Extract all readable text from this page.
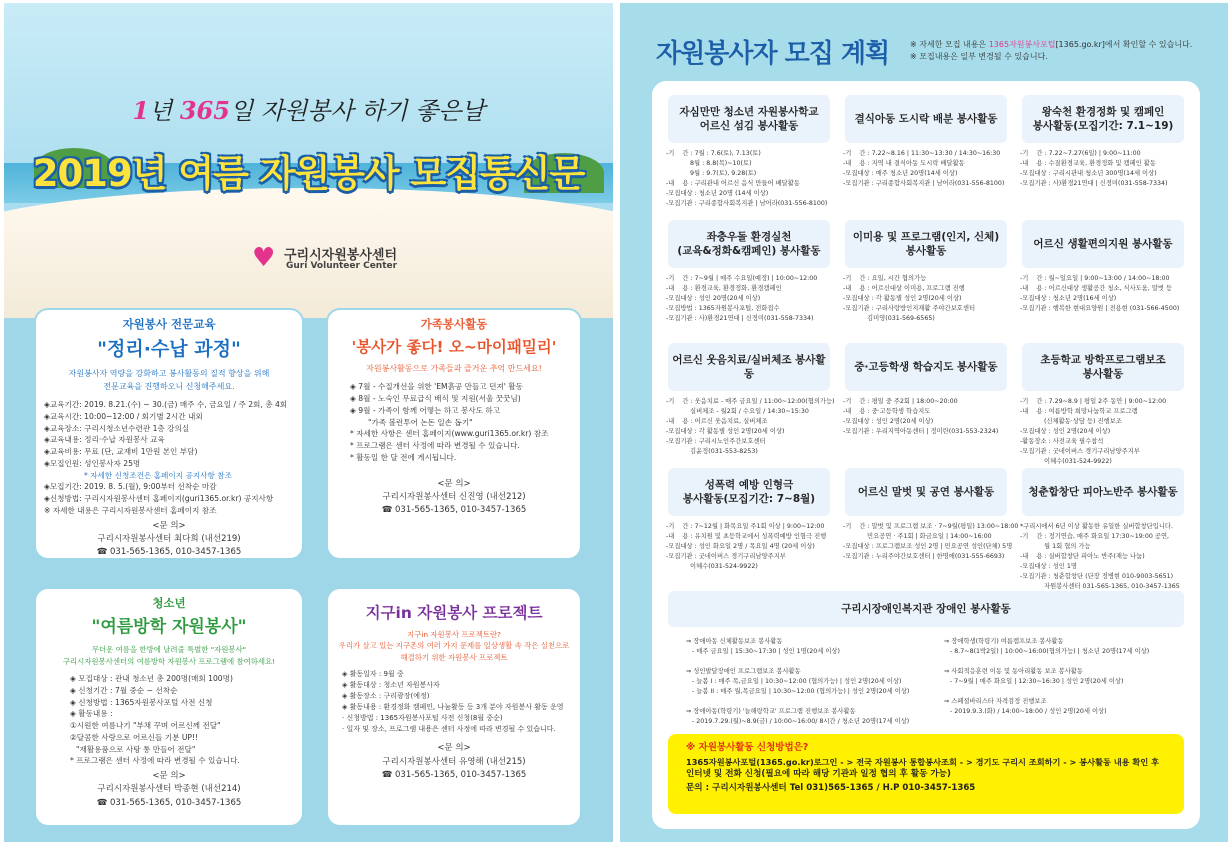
1년 365일 자원봉사 하기 좋은날
2019년 여름 자원봉사 모집통신문
♥ 구리시자원봉사센터
Guri Volunteer Center
자원봉사 전문교육
"정리·수납 과정"
자원봉사자 역량을 강화하고 봉사활동의 질적 향상을 위해
전문교육을 진행하오니 신청해주세요.
◈교육기간: 2019. 8.21.(수) ~ 30.(금) 매주 수, 금요일 / 주 2회, 총 4회
◈교육시간: 10:00~12:00 / 회기별 2시간 내외
◈교육장소: 구리시청소년수련관 1층 강의실
◈교육내용: 정리·수납 자원봉사 교육
◈교육비용: 무료 (단, 교재비 1만원 본인 부담)
◈모집인원: 성인봉사자 25명
* 자세한 신청조건은 홈페이지 공지사항 참조
◈모집기간: 2019. 8. 5.(월), 9:00부터 선착순 마감
◈신청방법: 구리시자원봉사센터 홈페이지(guri1365.or.kr) 공지사항
※ 자세한 내용은 구리시자원봉사센터 홈페이지 참조
<문 의>
구리시자원봉사센터 최다희 (내선219)
☎ 031-565-1365, 010-3457-1365
가족봉사활동
'봉사가 좋다! 오~마이패밀리'
자원봉사활동으로 가족들과 즐거운 추억 만드세요!
◈ 7월 - 수질개선을 위한 'EM흙공 만들고 던져' 활동
◈ 8월 - 노숙인 무료급식 배식 및 지원(서울 꿋꿋님)
◈ 9월 - 가족이 함께 어떻는 하고 봉사도 하고
"가족 볼런투어 논돈 일손 돕기"
* 자세한 사항은 센터 홈페이지(www.guri1365.or.kr) 참조
* 프로그램은 센터 사정에 따라 변경될 수 있습니다.
* 활동일 한 달 전에 게시됩니다.
<문 의>
구리시자원봉사센터 신진영 (내선212)
☎ 031-565-1365, 010-3457-1365
청소년
"여름방학 자원봉사"
무더운 여름을 한방에 날려줄 특별한 "자원봉사"
구리시자원봉사센터의 여름방학 자원봉사 프로그램에 참여하세요!
◈ 모집대상 : 관내 청소년 총 200명(매회 100명)
◈ 신청기간 : 7월 중순 ~ 선착순
◈ 신청방법 : 1365자원봉사포털 사전 신청
◈ 활동내용 :
①시원한 여름나기 "부채 꾸며 어르신께 전달"
②달콤한 사랑으로 어르신들 기분 UP!!
"재활용품으로 사탕 통 만들어 전달"
* 프로그램은 센터 사정에 따라 변경될 수 있습니다.
<문 의>
구리시자원봉사센터 박종현 (내선214)
☎ 031-565-1365, 010-3457-1365
지구in 자원봉사 프로젝트
지구in 자원봉사 프로젝트란?
우리가 살고 있는 지구촌의 여러 가지 문제를 일상생활 속 작은 실천으로 해결하기 위한 자원봉사 프로젝트
◈ 활동일자 : 9월 중
◈ 활동대상 : 청소년 자원봉사자
◈ 활동장소 : 구리광장(예정)
◈ 활동내용 : 환경정화 캠페인, 나눔활동 등 3개 분야 자원봉사 활동 운영
· 신청방법 : 1365자원봉사포털 사전 신청(8월 중순)
· 일자 및 장소, 프로그램 내용은 센터 사정에 따라 변경될 수 있습니다.
<문 의>
구리시자원봉사센터 유영해 (내선215)
☎ 031-565-1365, 010-3457-1365
자원봉사자 모집 계획	※ 자세한 모집 내용은 1365자원봉사포털[1365.go.kr]에서 확인할 수 있습니다.
※ 모집내용은 일부 변경될 수 있습니다.
자심만만 청소년 자원봉사학교
어르신 섬김 봉사활동
-기    간 : 7월 : 7.6(토), 7.13(토)
8월 : 8.8(목)~10(토)
9월 : 9.7(토), 9.28(토)
-내    용 : 구리관내 어르신 음식 만들어 배달활동
-모집대상 : 청소년 20명 (14세 이상)
-모집기관 : 구리종합사회복지관 | 남어라(031-556-8100)
결식아동 도시락 배분 봉사활동
-기    간 : 7.22~8.16 | 11:30~13:30 / 14:30~16:30
-내    용 : 지역 내 결식아동 도시락 배달활동
-모집대상 : 매주 청소년 20명(14세 이상)
-모집기관 : 구리종합사회복지관 | 남어라(031-556-8100)
왕숙천 환경정화 및 캠페인
봉사활동(모집기간: 7.1~19)
-기    간 : 7.22~7.27(6일) | 9:00~11:00
-내    용 : 수질환경교육, 환경정화 및 캠페인 활동
-모집대상 : 구리시관내 청소년 300명(14세 이상)
-모집기관 : 사)환경21연대 | 신정미(031-558-7334)
좌충우돌 환경실천
(교육&정화&캠페인) 봉사활동
-기    간 : 7~9월 | 매주 수요일(예정) | 10:00~12:00
-내    용 : 환경교육, 환경정화, 환경캠페인
-모집대상 : 성인 20명(20세 이상)
-모집방법 : 1365자원봉사포털, 전화접수
-모집기관 : 사)환경21연대 | 신정미(031-558-7334)
이미용 및 프로그램(인지, 신체)
봉사활동
-기    간 : 요일, 시간 협의가능
-내    용 : 어르신대상 이미용, 프로그램 진행
-모집대상 : 각 활동별 성인 2명(20세 이상)
-모집기관 : 구리사랑방인지재활 주야간보호센터
김미영(031-569-6565)
어르신 생활편의지원 봉사활동
-기    간 : 월~일요일 | 9:00~13:00 / 14:00~18:00
-내    용 : 어르신대상 생활공간 청소, 식사도움, 말벗 등
-모집대상 : 청소년 2명(16세 이상)
-모집기관 : 행복한 현대요양원 | 전용현 (031-566-4500)
어르신 웃음치료/실버체조 봉사활동
-기    간 : 웃음치료 - 매주 금요일 / 11:00~12:00(협의가능)
실버체조 - 월2회 / 수요일 / 14:30~15:30
-내    용 : 어르신 웃음치료, 실버체조
-모집대상 : 각 활동별 성인 2명(20세 이상)
-모집기관 : 구리시노인주간보호센터
김윤정(031-553-8253)
중·고등학생 학습지도 봉사활동
-기    간 : 평일 중 주2회 | 18:00~20:00
-내    용 : 중·고등학생 학습지도
-모집대상 : 성인 2명(20세 이상)
-모집기관 : 우리지역아동센터 | 정미란(031-553-2324)
초등학교 방학프로그램보조
봉사활동
-기    간 : 7.29~8.9 | 평일 2주 동안 | 9:00~12:00
-내    용 : 여름방학 희망나눔학교 프로그램
(신체활동·상담 등) 진행보조
-모집대상 : 성인 2명(20세 이상)
-활동장소 : 사전교육 필수참석
-모집기관 : 굿네이버스 경기구리남양주지부
이혜수(031-524-9922)
성폭력 예방 인형극
봉사활동(모집기간: 7~8월)
-기    간 : 7~12월 | 화목요일 주1회 이상 | 9:00~12:00
-내    용 : 유치원 및 초등학교에서 성폭력예방 인형극 진행
-모집대상 : 성인 화요일 2명 / 목요일 4명 (20세 이상)
-모집기관 : 굿네이버스 경기구리남양주지부
이혜수(031-524-9922)
어르신 말벗 및 공연 봉사활동
-기    간 : 말벗 및 프로그램 보조 · 7~9월(평일) 13:00~18:00
민요공연 · 주1회 | 화금요일 | 14:00~16:00
-모집대상 : 프로그램보조 성인 2명 | 민요공연 성인(단체) 5명
-모집기관 : 누리주야간보호센터 | 한명애(031-555-6693)
청춘합창단 피아노반주 봉사활동
*구리시에서 6년 이상 활동한 유일한 실버합창단입니다.
-기    간 : 정기연습, 매주 화요일 17:30~19:00 공연,
월 1회 협의 가능
-내    용 : 실버합창단 피아노 반주(재능 나눔)
-모집대상 : 성인 1명
-모집기관 : 청춘합창단 (단장 정병현 010-9003-5651)
자원봉사센터 031-565-1365, 010-3457-1365
구리시장애인복지관 장애인 봉사활동
⇒ 장애아동 신체활동보조 봉사활동
- 매주 금요일 | 15:30~17:30 | 성인 1명(20세 이상)
⇒ 성인발달장애인 프로그램보조 봉사활동
- 늘봄 I : 매주 목,금요일 | 10:30~12:00 (협의가능) | 성인 2명(20세 이상)
- 늘봄 II : 매주 월,목금요일 | 10:30~12:00 (협의가능) | 성인 2명(20세 이상)
⇒ 장애아동(학령기) '늘해랑학교' 프로그램 진행보조 봉사활동
- 2019.7.29.(월)~8.9(금) / 10:00~16:00/ 8시간 / 청소년 20명(17세 이상)
⇒ 장애학생(학령기) 여름캠프보조 봉사활동
- 8.7~8(1박2일) | 10:00~16:00(협의가능) | 청소년 20명(17세 이상)
⇒ 사회적응훈련 이동 및 동아리활동 보조 봉사활동
- 7~9월 | 매주 화요일 | 12:30~16:30 | 성인 2명(20세 이상)
⇒ 스페셜바리스타 자격검정 진행보조
- 2019.9.3.(화) / 14:00~18:00 / 성인 2명(20세 이상)
※ 자원봉사활동 신청방법은?
1365자원봉사포털(1365.go.kr)로그인 - > 전국 자원봉사 통합봉사조회 - > 경기도 구리시 조회하기 - > 봉사활동 내용 확인 후
인터넷 및 전화 신청(필요에 따라 해당 기관과 일정 협의 후 활동 가능)
문의 : 구리시자원봉사센터 Tel 031)565-1365 / H.P 010-3457-1365
